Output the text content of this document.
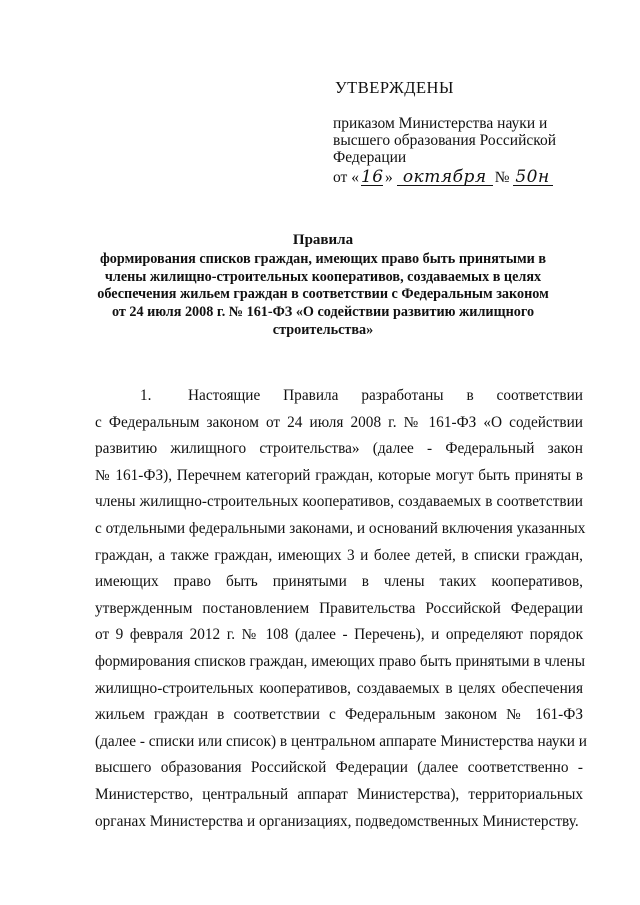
УТВЕРЖДЕНЫ
приказом Министерства науки и
высшего образования Российской
Федерации
от « 16» октября № 50н
Правила
формирования списков граждан, имеющих право быть принятыми в
члены жилищно-строительных кооперативов, создаваемых в целях
обеспечения жильем граждан в соответствии с Федеральным законом
от 24 июля 2008 г. № 161-ФЗ «О содействии развитию жилищного
строительства»
1. Настоящие Правила разработаны в соответствии
с Федеральным законом от 24 июля 2008 г. № 161-ФЗ «О содействии
развитию жилищного строительства» (далее - Федеральный закон
№ 161-ФЗ), Перечнем категорий граждан, которые могут быть приняты в
члены жилищно-строительных кооперативов, создаваемых в соответствии
с отдельными федеральными законами, и оснований включения указанных
граждан, а также граждан, имеющих 3 и более детей, в списки граждан,
имеющих право быть принятыми в члены таких кооперативов,
утвержденным постановлением Правительства Российской Федерации
от 9 февраля 2012 г. № 108 (далее - Перечень), и определяют порядок
формирования списков граждан, имеющих право быть принятыми в члены
жилищно-строительных кооперативов, создаваемых в целях обеспечения
жильем граждан в соответствии с Федеральным законом № 161-ФЗ
(далее - списки или список) в центральном аппарате Министерства науки и
высшего образования Российской Федерации (далее соответственно -
Министерство, центральный аппарат Министерства), территориальных
органах Министерства и организациях, подведомственных Министерству.
